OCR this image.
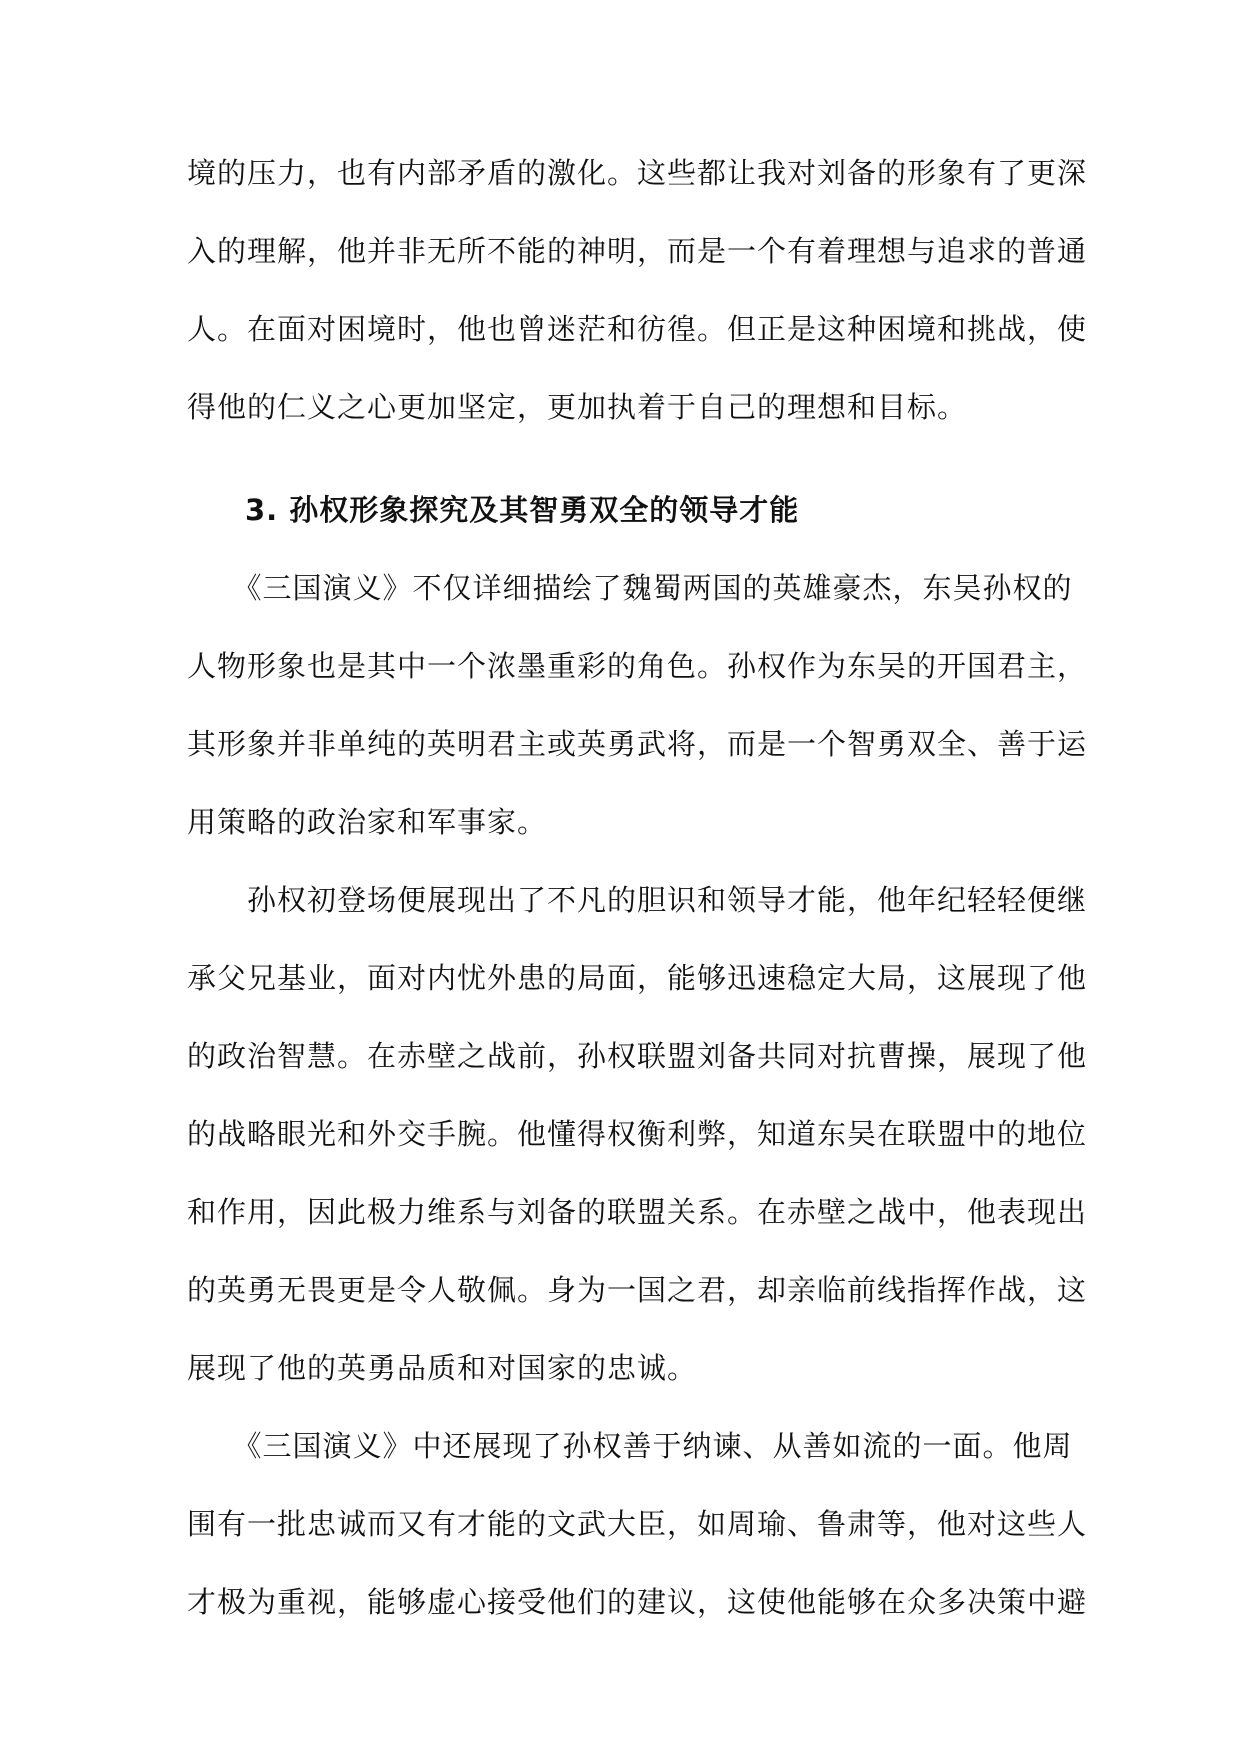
境的压力，也有内部矛盾的激化。这些都让我对刘备的形象有了更深
入的理解，他并非无所不能的神明，而是一个有着理想与追求的普通
人。在面对困境时，他也曾迷茫和彷徨。但正是这种困境和挑战，使
得他的仁义之心更加坚定，更加执着于自己的理想和目标。
3. 孙权形象探究及其智勇双全的领导才能
　　《三国演义》不仅详细描绘了魏蜀两国的英雄豪杰，东吴孙权的
人物形象也是其中一个浓墨重彩的角色。孙权作为东吴的开国君主，
其形象并非单纯的英明君主或英勇武将，而是一个智勇双全、善于运
用策略的政治家和军事家。
　　孙权初登场便展现出了不凡的胆识和领导才能，他年纪轻轻便继
承父兄基业，面对内忧外患的局面，能够迅速稳定大局，这展现了他
的政治智慧。在赤壁之战前，孙权联盟刘备共同对抗曹操，展现了他
的战略眼光和外交手腕。他懂得权衡利弊，知道东吴在联盟中的地位
和作用，因此极力维系与刘备的联盟关系。在赤壁之战中，他表现出
的英勇无畏更是令人敬佩。身为一国之君，却亲临前线指挥作战，这
展现了他的英勇品质和对国家的忠诚。
　　《三国演义》中还展现了孙权善于纳谏、从善如流的一面。他周
围有一批忠诚而又有才能的文武大臣，如周瑜、鲁肃等，他对这些人
才极为重视，能够虚心接受他们的建议，这使他能够在众多决策中避
